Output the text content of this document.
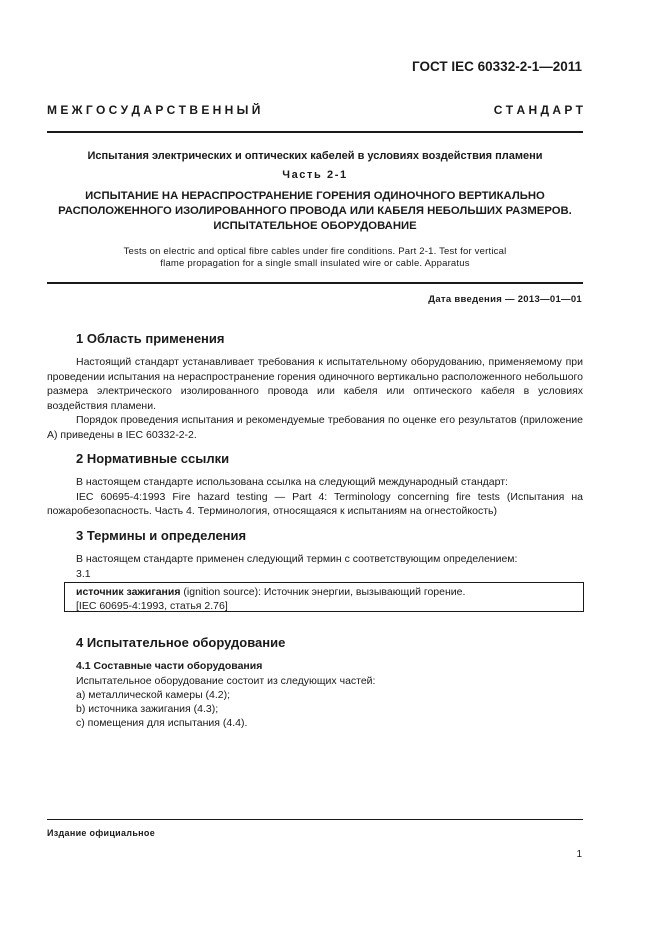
ГОСТ IEC 60332-2-1—2011
М Е Ж Г О С У Д А Р С Т В Е Н Н Ы Й	С Т А Н Д А Р Т
Испытания электрических и оптических кабелей в условиях воздействия пламени
Часть 2-1
ИСПЫТАНИЕ НА НЕРАСПРОСТРАНЕНИЕ ГОРЕНИЯ ОДИНОЧНОГО ВЕРТИКАЛЬНО
РАСПОЛОЖЕННОГО ИЗОЛИРОВАННОГО ПРОВОДА ИЛИ КАБЕЛЯ НЕБОЛЬШИХ РАЗМЕРОВ.
ИСПЫТАТЕЛЬНОЕ ОБОРУДОВАНИЕ
Tests on electric and optical fibre cables under fire conditions. Part 2-1. Test for vertical
flame propagation for a single small insulated wire or cable. Apparatus
Дата введения — 2013—01—01
1 Область применения

Настоящий стандарт устанавливает требования к испытательному оборудованию, применяемому при проведении испытания на нераспространение горения одиночного вертикально расположенного небольшого размера электрического изолированного провода или кабеля или оптического кабеля в условиях воздействия пламени.

Порядок проведения испытания и рекомендуемые требования по оценке его результатов (приложение А) приведены в IEC 60332-2-2.

2 Нормативные ссылки

В настоящем стандарте использована ссылка на следующий международный стандарт:

IEC 60695-4:1993 Fire hazard testing — Part 4: Terminology concerning fire tests (Испытания на пожаробезопасность. Часть 4. Терминология, относящаяся к испытаниям на огнестойкость)

3 Термины и определения

В настоящем стандарте применен следующий термин с соответствующим определением:

3.1

источник зажигания (ignition source): Источник энергии, вызывающий горение.
[IEC 60695-4:1993, статья 2.76]
4 Испытательное оборудование
4.1 Составные части оборудования
Испытательное оборудование состоит из следующих частей:
a) металлической камеры (4.2);
b) источника зажигания (4.3);
c) помещения для испытания (4.4).
Издание официальное
1
